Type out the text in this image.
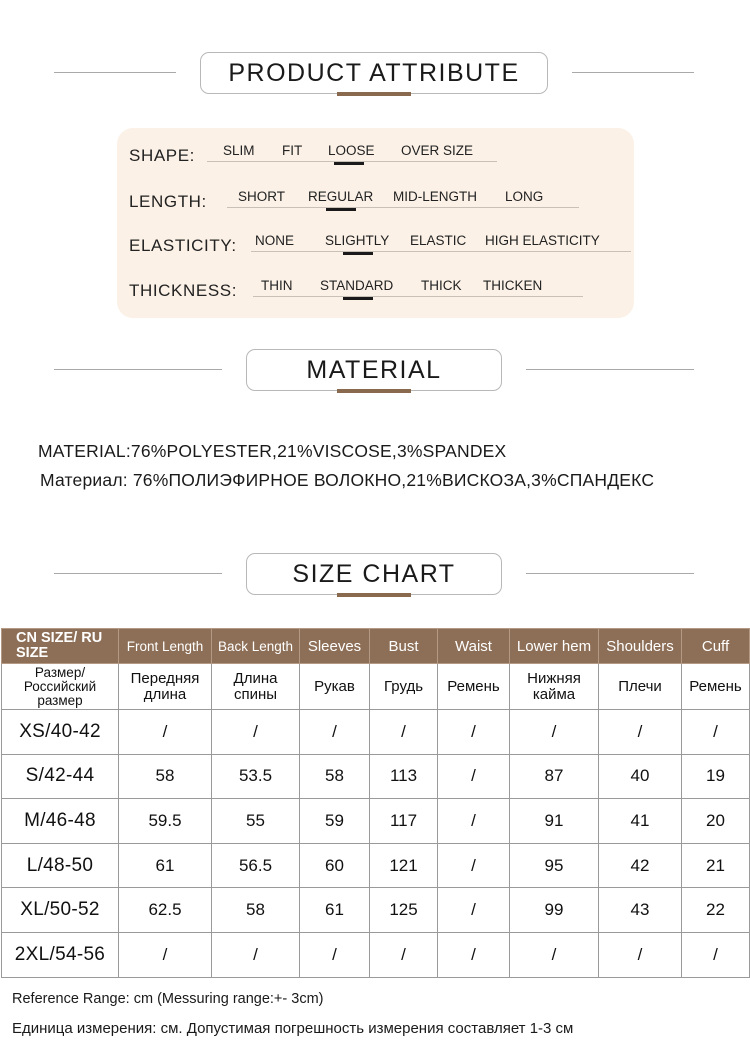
PRODUCT ATTRIBUTE
SHAPE: SLIM FIT LOOSE OVER SIZE
LENGTH: SHORT REGULAR MID-LENGTH LONG
ELASTICITY: NONE SLIGHTLY ELASTIC HIGH ELASTICITY
THICKNESS: THIN STANDARD THICK THICKEN
MATERIAL
MATERIAL:76%POLYESTER,21%VISCOSE,3%SPANDEX
Материал: 76%ПОЛИЭФИРНОЕ ВОЛОКНО,21%ВИСКОЗА,3%СПАНДЕКС
SIZE CHART
CN SIZE/ RU SIZE	Front Length	Back Length	Sleeves	Bust	Waist	Lower hem	Shoulders	Cuff
Размер/ Российский размер	Передняя длина	Длина спины	Рукав	Грудь	Ремень	Нижняя кайма	Плечи	Ремень
XS/40-42	/	/	/	/	/	/	/	/
S/42-44	58	53.5	58	113	/	87	40	19
M/46-48	59.5	55	59	117	/	91	41	20
L/48-50	61	56.5	60	121	/	95	42	21
XL/50-52	62.5	58	61	125	/	99	43	22
2XL/54-56	/	/	/	/	/	/	/	/
Reference Range: cm (Messuring range:+- 3cm)
Единица измерения: см. Допустимая погрешность измерения составляет 1-3 см
